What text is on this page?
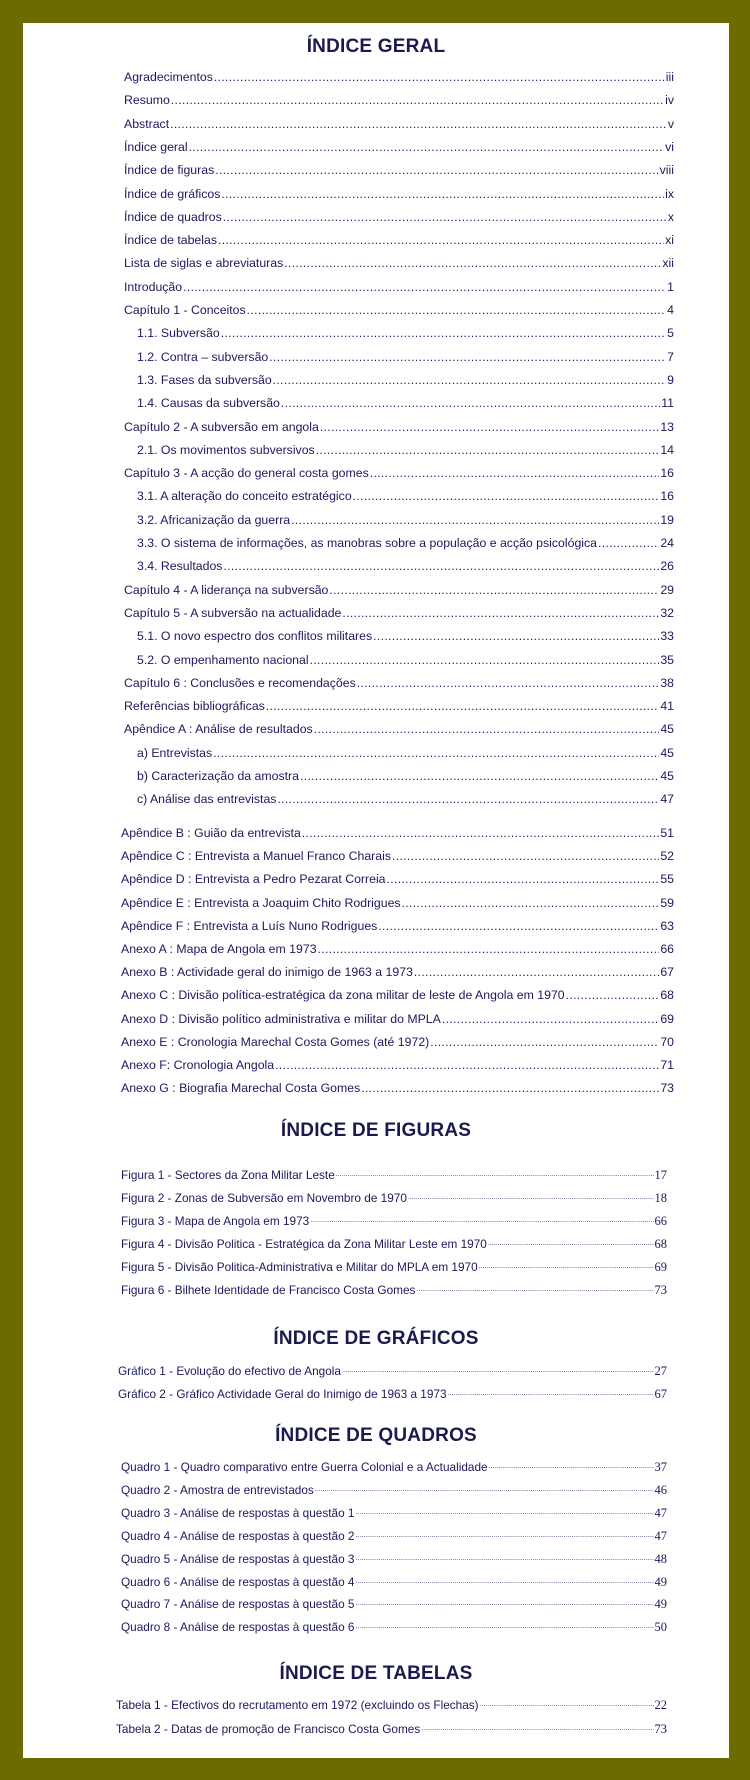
ÍNDICE GERAL
Agradecimentos .....	iii
Resumo .....	iv
Abstract .....	v
Índice geral .....	vi
Índice de figuras .....	viii
Índice de gráficos .....	ix
Índice de quadros .....	x
Índice de tabelas .....	xi
Lista de siglas e abreviaturas .....	xii
Introdução .....	1
Capítulo 1 - Conceitos .....	4
1.1. Subversão .....	5
1.2. Contra – subversão .....	7
1.3. Fases da subversão .....	9
1.4. Causas da subversão .....	11
Capítulo 2 - A subversão em angola .....	13
2.1. Os movimentos subversivos .....	14
Capítulo 3 - A acção do general costa gomes .....	16
3.1. A alteração do conceito estratégico .....	16
3.2. Africanização da guerra .....	19
3.3. O sistema de informações, as manobras sobre a população e acção psicológica .....	24
3.4. Resultados .....	26
Capítulo 4 - A liderança na subversão .....	29
Capítulo 5 - A subversão na actualidade .....	32
5.1. O novo espectro dos conflitos militares .....	33
5.2. O empenhamento nacional .....	35
Capítulo 6 : Conclusões e recomendações .....	38
Referências bibliográficas .....	41
Apêndice A : Análise de resultados .....	45
a) Entrevistas .....	45
b) Caracterização da amostra .....	45
c) Análise das entrevistas .....	47
Apêndice B : Guião da entrevista .....	51
Apêndice C : Entrevista a Manuel Franco Charais .....	52
Apêndice D : Entrevista a Pedro Pezarat Correia .....	55
Apêndice E : Entrevista a Joaquim Chito Rodrigues .....	59
Apêndice F : Entrevista a Luís Nuno Rodrigues .....	63
Anexo A : Mapa de Angola em 1973 .....	66
Anexo B : Actividade geral do inimigo de 1963 a 1973 .....	67
Anexo C : Divisão política-estratégica da zona militar de leste de Angola em 1970 .....	68
Anexo D : Divisão político administrativa e militar do MPLA .....	69
Anexo E : Cronologia Marechal Costa Gomes (até 1972) .....	70
Anexo F: Cronologia Angola .....	71
Anexo G : Biografia Marechal Costa Gomes .....	73
ÍNDICE DE FIGURAS
Figura 1 - Sectores da Zona Militar Leste .....	17
Figura 2 - Zonas de Subversão em Novembro de 1970 .....	18
Figura 3 - Mapa de Angola em 1973 .....	66
Figura 4 - Divisão Politica - Estratégica da Zona Militar Leste em 1970 .....	68
Figura 5 - Divisão Politica-Administrativa e Militar do MPLA em 1970 .....	69
Figura 6 - Bilhete Identidade de Francisco Costa Gomes .....	73
ÍNDICE DE GRÁFICOS
Gráfico 1 - Evolução do efectivo de Angola .....	27
Gráfico 2 - Gráfico Actividade Geral do Inimigo de 1963 a 1973 .....	67
ÍNDICE DE QUADROS
Quadro 1 - Quadro comparativo entre Guerra Colonial e a Actualidade .....	37
Quadro 2 - Amostra de entrevistados .....	46
Quadro 3 - Análise de respostas à questão 1 .....	47
Quadro 4 - Análise de respostas à questão 2 .....	47
Quadro 5 - Análise de respostas à questão 3 .....	48
Quadro 6 - Análise de respostas à questão 4 .....	49
Quadro 7 - Análise de respostas à questão 5 .....	49
Quadro 8 - Análise de respostas à questão 6 .....	50
ÍNDICE DE TABELAS
Tabela 1 - Efectivos do recrutamento em 1972 (excluindo os Flechas) .....	22
Tabela 2 - Datas de promoção de Francisco Costa Gomes .....	73
